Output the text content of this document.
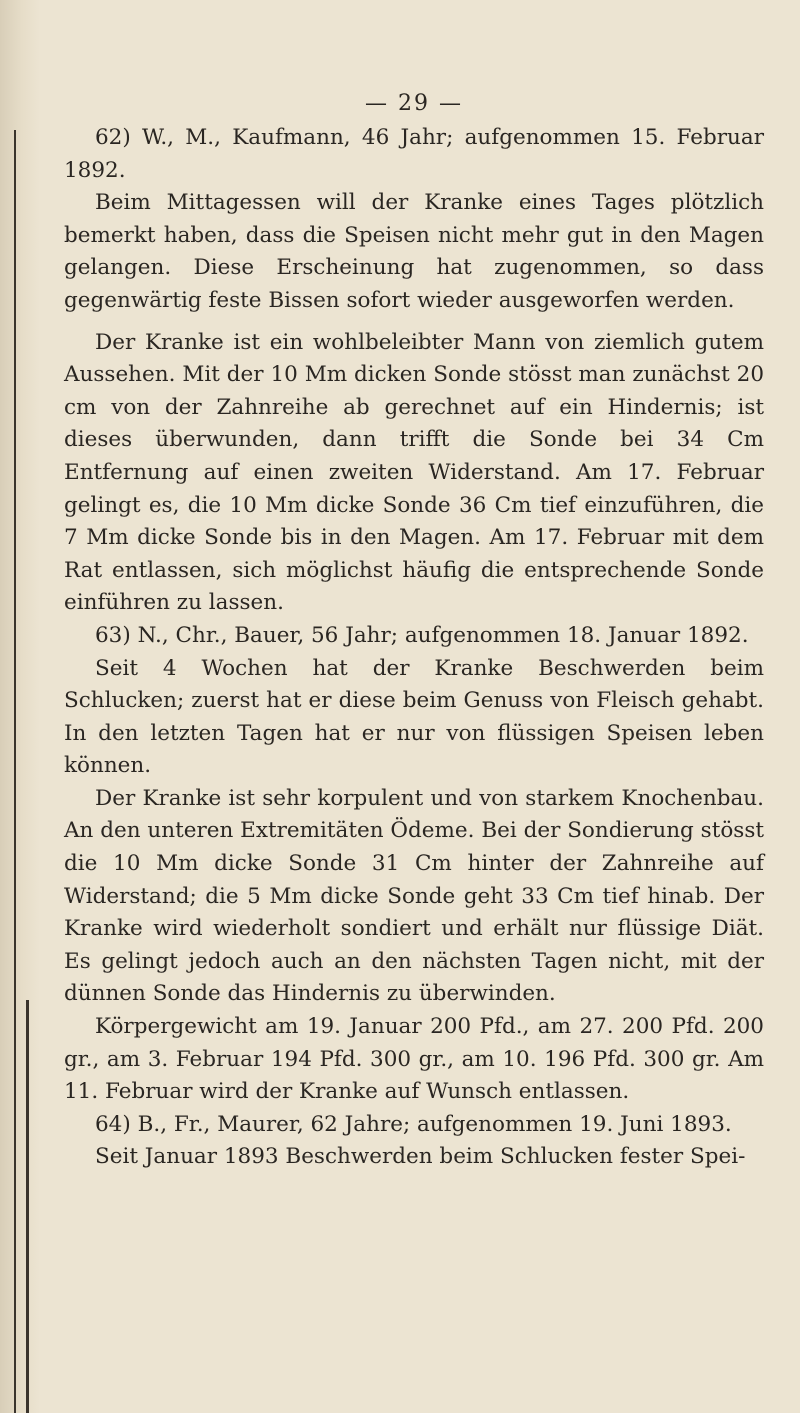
— 29 —

62) W., M., Kaufmann, 46 Jahr; aufgenommen 15. Februar 1892.

Beim Mittagessen will der Kranke eines Tages plötzlich bemerkt haben, dass die Speisen nicht mehr gut in den Magen gelangen. Diese Erscheinung hat zugenommen, so dass gegenwärtig feste Bissen sofort wieder ausgeworfen werden.

Der Kranke ist ein wohlbeleibter Mann von ziemlich gutem Aussehen. Mit der 10 Mm dicken Sonde stösst man zunächst 20 cm von der Zahnreihe ab gerechnet auf ein Hindernis; ist dieses überwunden, dann trifft die Sonde bei 34 Cm Entfernung auf einen zweiten Widerstand. Am 17. Februar gelingt es, die 10 Mm dicke Sonde 36 Cm tief einzuführen, die 7 Mm dicke Sonde bis in den Magen. Am 17. Februar mit dem Rat entlassen, sich möglichst häufig die entsprechende Sonde einführen zu lassen.

63) N., Chr., Bauer, 56 Jahr; aufgenommen 18. Januar 1892.

Seit 4 Wochen hat der Kranke Beschwerden beim Schlucken; zuerst hat er diese beim Genuss von Fleisch gehabt. In den letzten Tagen hat er nur von flüssigen Speisen leben können.

Der Kranke ist sehr korpulent und von starkem Knochenbau. An den unteren Extremitäten Ödeme. Bei der Sondierung stösst die 10 Mm dicke Sonde 31 Cm hinter der Zahnreihe auf Widerstand; die 5 Mm dicke Sonde geht 33 Cm tief hinab. Der Kranke wird wiederholt sondiert und erhält nur flüssige Diät. Es gelingt jedoch auch an den nächsten Tagen nicht, mit der dünnen Sonde das Hindernis zu überwinden.

Körpergewicht am 19. Januar 200 Pfd., am 27. 200 Pfd. 200 gr., am 3. Februar 194 Pfd. 300 gr., am 10. 196 Pfd. 300 gr. Am 11. Februar wird der Kranke auf Wunsch entlassen.

64) B., Fr., Maurer, 62 Jahre; aufgenommen 19. Juni 1893.

Seit Januar 1893 Beschwerden beim Schlucken fester Spei-
